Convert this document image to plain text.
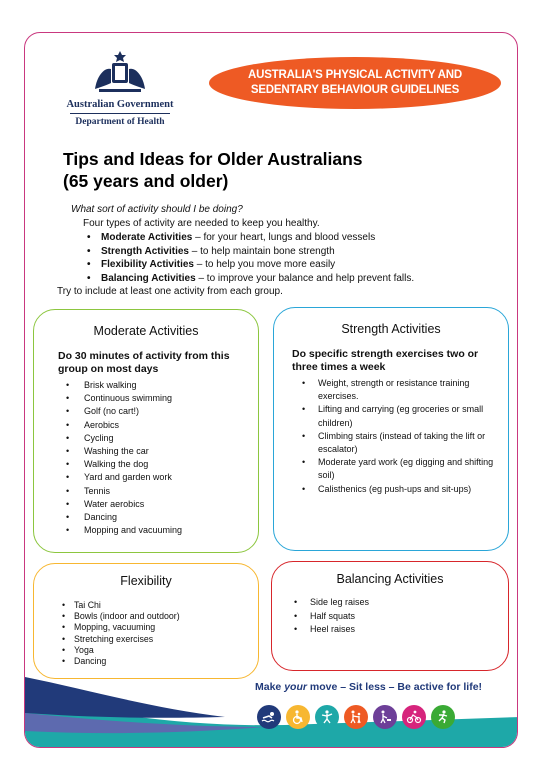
Australian Government
Department of Health
AUSTRALIA'S PHYSICAL ACTIVITY AND
SEDENTARY BEHAVIOUR GUIDELINES
Tips and Ideas for Older Australians
(65 years and older)
What sort of activity should I be doing?
Four types of activity are needed to keep you healthy.
• Moderate Activities – for your heart, lungs and blood vessels
• Strength Activities – to help maintain bone strength
• Flexibility Activities – to help you move more easily
• Balancing Activities – to improve your balance and help prevent falls.
Try to include at least one activity from each group.
Moderate Activities
Do 30 minutes of activity from this group on most days
• Brisk walking
• Continuous swimming
• Golf (no cart!)
• Aerobics
• Cycling
• Washing the car
• Walking the dog
• Yard and garden work
• Tennis
• Water aerobics
• Dancing
• Mopping and vacuuming
Strength Activities
Do specific strength exercises two or three times a week
• Weight, strength or resistance training exercises.
• Lifting and carrying (eg groceries or small children)
• Climbing stairs (instead of taking the lift or escalator)
• Moderate yard work (eg digging and shifting soil)
• Calisthenics (eg push-ups and sit-ups)
Flexibility
• Tai Chi
• Bowls (indoor and outdoor)
• Mopping, vacuuming
• Stretching exercises
• Yoga
• Dancing
Balancing Activities
• Side leg raises
• Half squats
• Heel raises
Make your move – Sit less – Be active for life!
